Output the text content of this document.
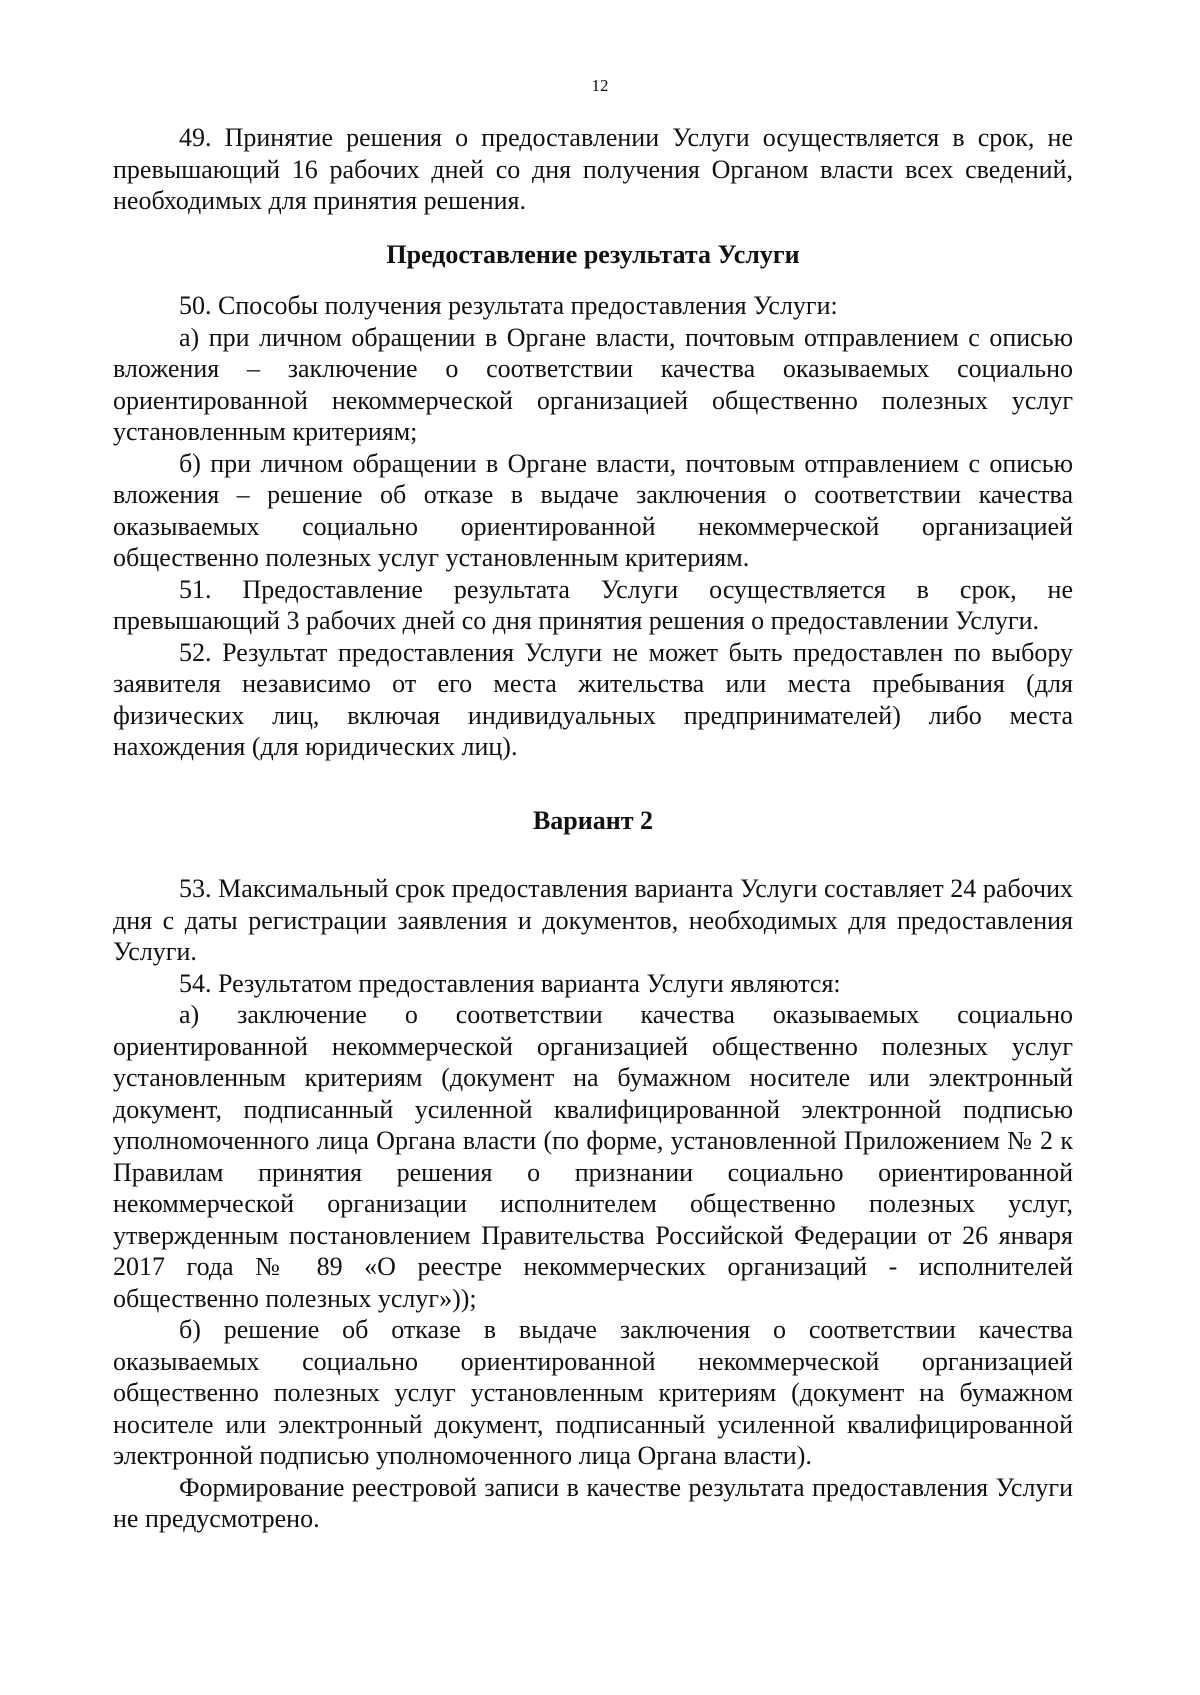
12

49. Принятие решения о предоставлении Услуги осуществляется в срок, не превышающий 16 рабочих дней со дня получения Органом власти всех сведений, необходимых для принятия решения.

Предоставление результата Услуги

50. Способы получения результата предоставления Услуги:

а) при личном обращении в Органе власти, почтовым отправлением с описью вложения – заключение о соответствии качества оказываемых социально ориентированной некоммерческой организацией общественно полезных услуг установленным критериям;

б) при личном обращении в Органе власти, почтовым отправлением с описью вложения – решение об отказе в выдаче заключения о соответствии качества оказываемых социально ориентированной некоммерческой организацией общественно полезных услуг установленным критериям.

51. Предоставление результата Услуги осуществляется в срок, не превышающий 3 рабочих дней со дня принятия решения о предоставлении Услуги.

52. Результат предоставления Услуги не может быть предоставлен по выбору заявителя независимо от его места жительства или места пребывания (для физических лиц, включая индивидуальных предпринимателей) либо места нахождения (для юридических лиц).

Вариант 2

53. Максимальный срок предоставления варианта Услуги составляет 24 рабочих дня с даты регистрации заявления и документов, необходимых для предоставления Услуги.

54. Результатом предоставления варианта Услуги являются:

а) заключение о соответствии качества оказываемых социально ориентированной некоммерческой организацией общественно полезных услуг установленным критериям (документ на бумажном носителе или электронный документ, подписанный усиленной квалифицированной электронной подписью уполномоченного лица Органа власти (по форме, установленной Приложением № 2 к Правилам принятия решения о признании социально ориентированной некоммерческой организации исполнителем общественно полезных услуг, утвержденным постановлением Правительства Российской Федерации от 26 января 2017 года № 89 «О реестре некоммерческих организаций - исполнителей общественно полезных услуг»));

б) решение об отказе в выдаче заключения о соответствии качества оказываемых социально ориентированной некоммерческой организацией общественно полезных услуг установленным критериям (документ на бумажном носителе или электронный документ, подписанный усиленной квалифицированной электронной подписью уполномоченного лица Органа власти).

Формирование реестровой записи в качестве результата предоставления Услуги не предусмотрено.
